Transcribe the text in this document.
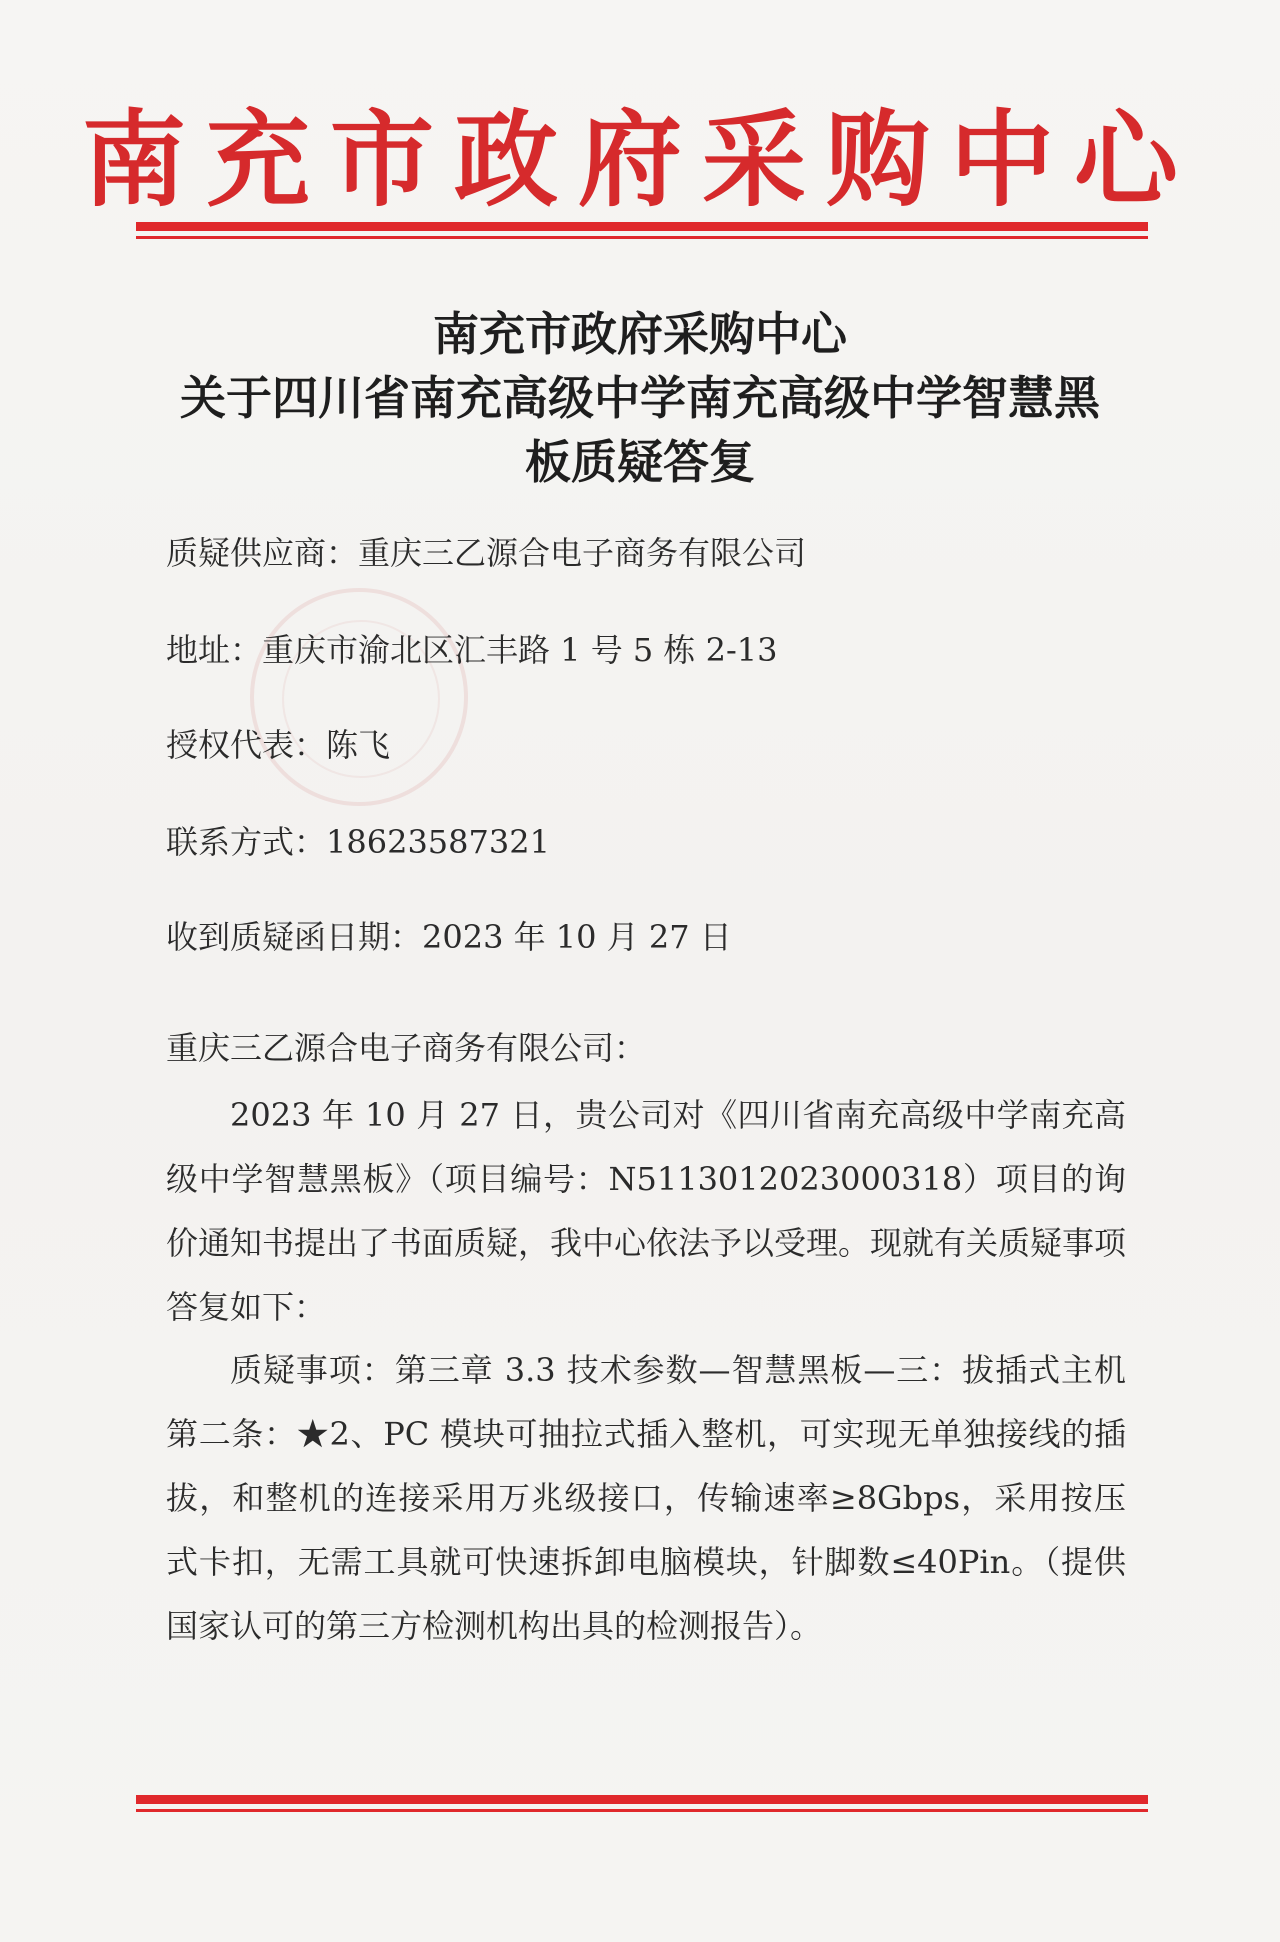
南充市政府采购中心
南充市政府采购中心
关于四川省南充高级中学南充高级中学智慧黑
板质疑答复
质疑供应商：重庆三乙源合电子商务有限公司
地址：重庆市渝北区汇丰路 1 号 5 栋 2-13
授权代表：陈飞
联系方式：18623587321
收到质疑函日期：2023 年 10 月 27 日
重庆三乙源合电子商务有限公司：
2023 年 10 月 27 日，贵公司对《四川省南充高级中学南充高级中学智慧黑板》（项目编号：N5113012023000318）项目的询价通知书提出了书面质疑，我中心依法予以受理。现就有关质疑事项答复如下：
质疑事项：第三章 3.3 技术参数—智慧黑板—三：拔插式主机第二条：★2、PC 模块可抽拉式插入整机，可实现无单独接线的插拔，和整机的连接采用万兆级接口，传输速率≥8Gbps，采用按压式卡扣，无需工具就可快速拆卸电脑模块，针脚数≤40Pin。（提供国家认可的第三方检测机构出具的检测报告）。
